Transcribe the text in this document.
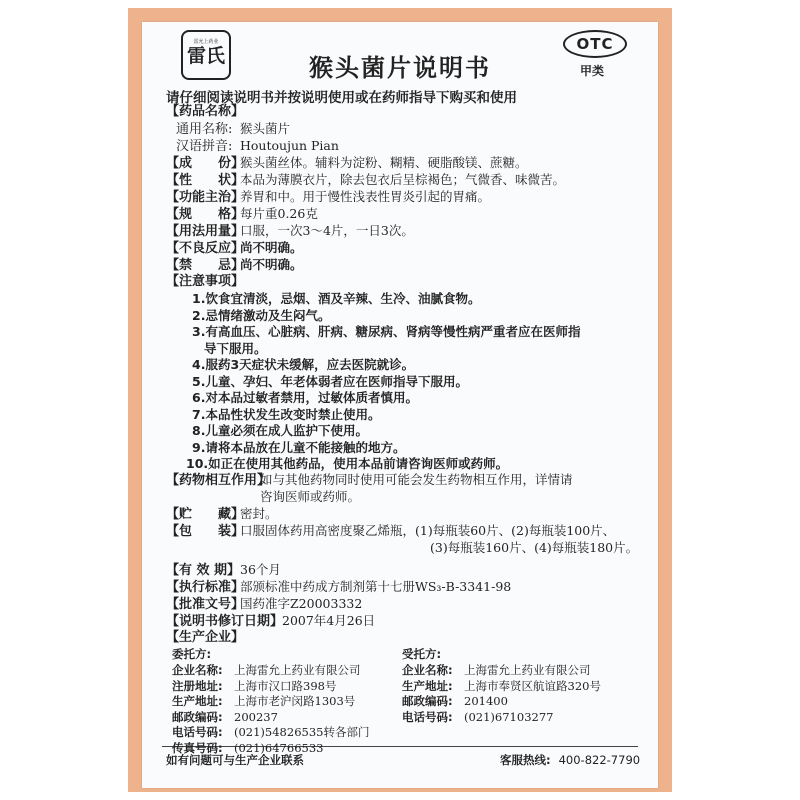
雷允上药业
雷氏
OTC
甲类
猴头菌片说明书
请仔细阅读说明书并按说明使用或在药师指导下购买和使用
【药品名称】
通用名称: 猴头菌片
汉语拼音: Houtoujun Pian
【成　　份】猴头菌丝体。辅料为淀粉、糊精、硬脂酸镁、蔗糖。
【性　　状】本品为薄膜衣片，除去包衣后呈棕褐色；气微香、味微苦。
【功能主治】养胃和中。用于慢性浅表性胃炎引起的胃痛。
【规　　格】每片重0.26克
【用法用量】口服，一次3～4片，一日3次。
【不良反应】尚不明确。
【禁　　忌】尚不明确。
【注意事项】
1.饮食宜清淡，忌烟、酒及辛辣、生冷、油腻食物。
2.忌情绪激动及生闷气。
3.有高血压、心脏病、肝病、糖尿病、肾病等慢性病严重者应在医师指
导下服用。
4.服药3天症状未缓解，应去医院就诊。
5.儿童、孕妇、年老体弱者应在医师指导下服用。
6.对本品过敏者禁用，过敏体质者慎用。
7.本品性状发生改变时禁止使用。
8.儿童必须在成人监护下使用。
9.请将本品放在儿童不能接触的地方。
10.如正在使用其他药品，使用本品前请咨询医师或药师。
【药物相互作用】如与其他药物同时使用可能会发生药物相互作用，详情请
咨询医师或药师。
【贮　　藏】密封。
【包　　装】口服固体药用高密度聚乙烯瓶，(1)每瓶装60片、(2)每瓶装100片、
(3)每瓶装160片、(4)每瓶装180片。
【有 效 期】36个月
【执行标准】部颁标准中药成方制剂第十七册WS₃-B-3341-98
【批准文号】国药准字Z20003332
【说明书修订日期】2007年4月26日
【生产企业】
委托方:
企业名称: 上海雷允上药业有限公司
注册地址: 上海市汉口路398号
生产地址: 上海市老沪闵路1303号
邮政编码: 200237
受托方:
企业名称: 上海雷允上药业有限公司
生产地址: 上海市奉贤区航谊路320号
邮政编码: 201400
电话号码: (021)67103277
如有问题可与生产企业联系	客服热线: 400-822-7790
电话号码: (021)54826535转各部门
传真号码: (021)64766533
